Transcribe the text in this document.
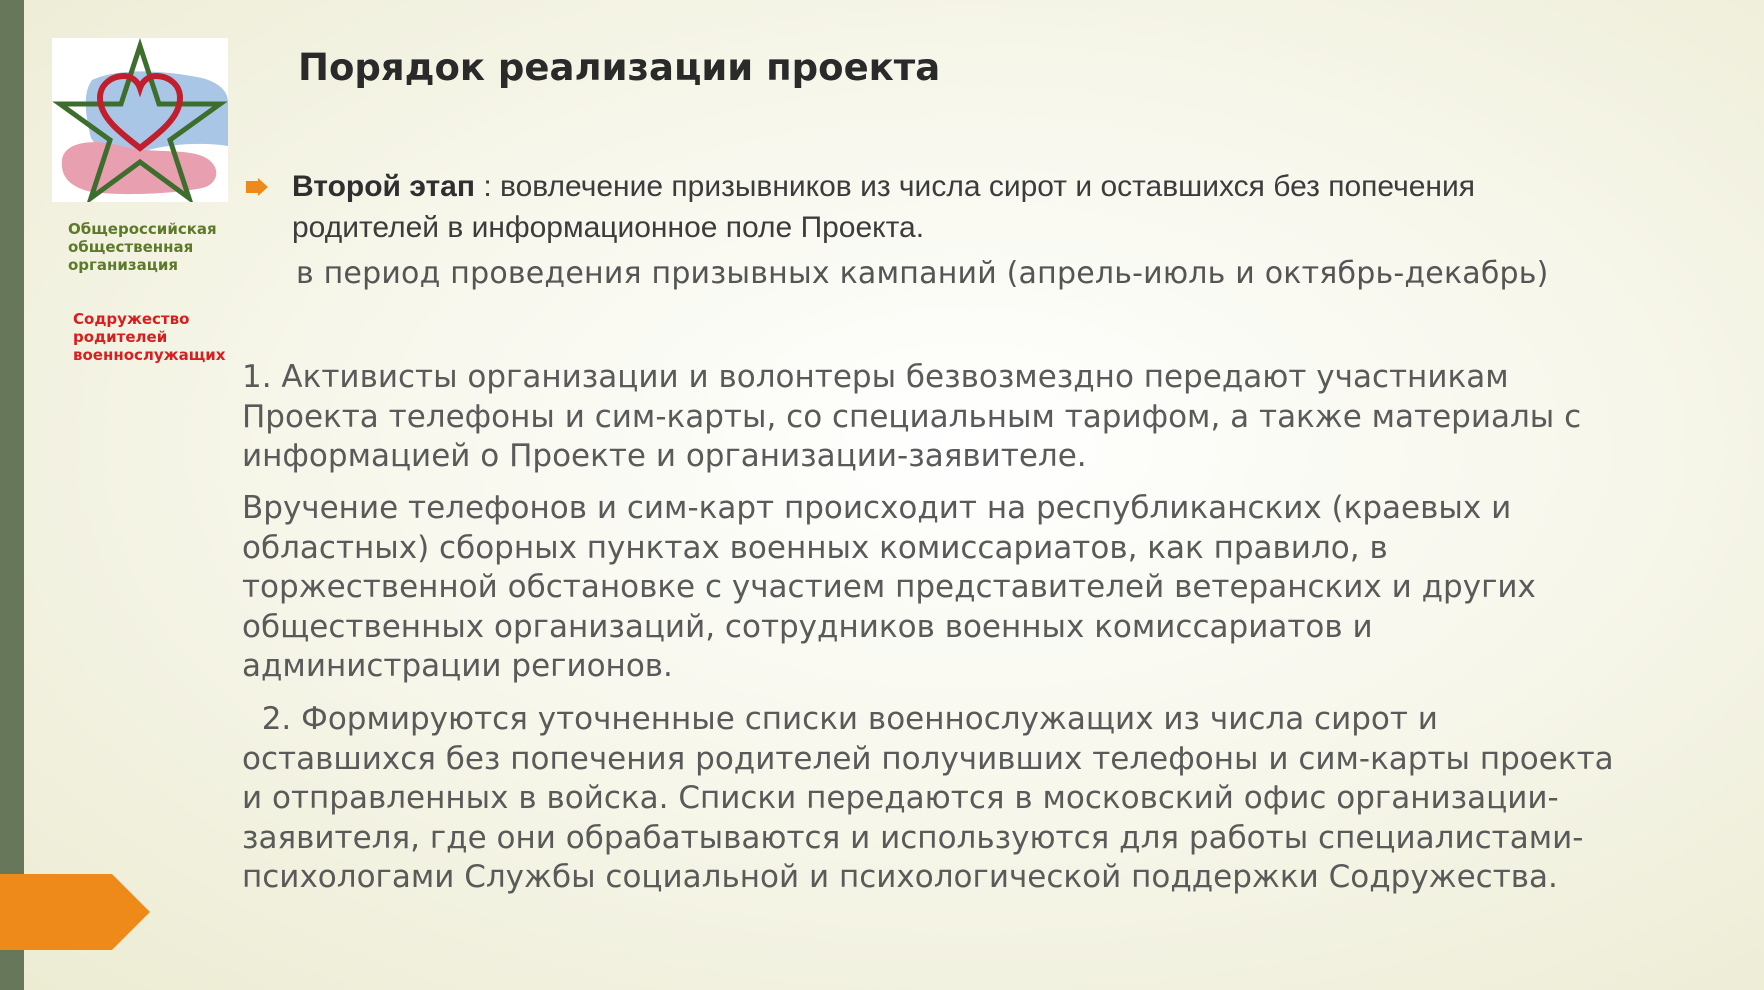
Общероссийская
общественная
организация
Содружество
родителей
военнослужащих
Порядок реализации проекта
Второй этап : вовлечение призывников из числа сирот и оставшихся без попечения
родителей в информационное поле Проекта.
в период проведения призывных кампаний (апрель-июль и октябрь-декабрь)
1. Активисты организации и волонтеры безвозмездно передают участникам
Проекта телефоны и сим-карты, со специальным тарифом, а также материалы с
информацией о Проекте и организации-заявителе.
Вручение телефонов и сим-карт происходит на республиканских (краевых и
областных) сборных пунктах военных комиссариатов, как правило, в
торжественной обстановке с участием представителей ветеранских и других
общественных организаций, сотрудников военных комиссариатов и
администрации регионов.
2. Формируются уточненные списки военнослужащих из числа сирот и
оставшихся без попечения родителей получивших телефоны и сим-карты проекта
и отправленных в войска. Списки передаются в московский офис организации-
заявителя, где они обрабатываются и используются для работы специалистами-
психологами Службы социальной и психологической поддержки Содружества.
